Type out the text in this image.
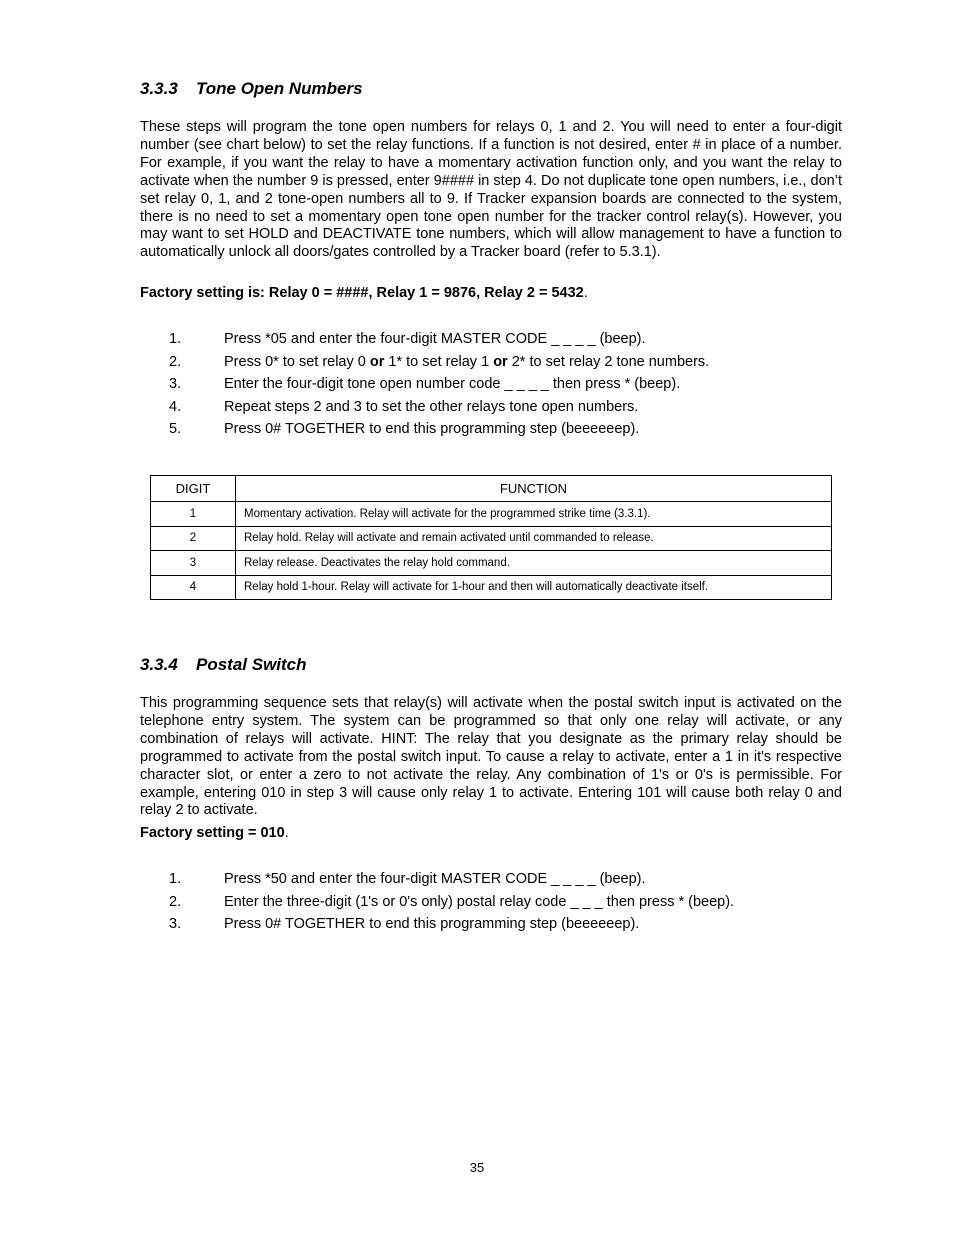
3.3.3 Tone Open Numbers

These steps will program the tone open numbers for relays 0, 1 and 2. You will need to enter a four-digit number (see chart below) to set the relay functions. If a function is not desired, enter # in place of a number. For example, if you want the relay to have a momentary activation function only, and you want the relay to activate when the number 9 is pressed, enter 9#### in step 4. Do not duplicate tone open numbers, i.e., don’t set relay 0, 1, and 2 tone-open numbers all to 9. If Tracker expansion boards are connected to the system, there is no need to set a momentary open tone open number for the tracker control relay(s). However, you may want to set HOLD and DEACTIVATE tone numbers, which will allow management to have a function to automatically unlock all doors/gates controlled by a Tracker board (refer to 5.3.1).

Factory setting is: Relay 0 = ####, Relay 1 = 9876, Relay 2 = 5432.

1.	Press *05 and enter the four-digit MASTER CODE _ _ _ _ (beep).
2.	Press 0* to set relay 0 or 1* to set relay 1 or 2* to set relay 2 tone numbers.
3.	Enter the four-digit tone open number code _ _ _ _ then press * (beep).
4.	Repeat steps 2 and 3 to set the other relays tone open numbers.
5.	Press 0# TOGETHER to end this programming step (beeeeeep).
3.3.4 Postal Switch

This programming sequence sets that relay(s) will activate when the postal switch input is activated on the telephone entry system. The system can be programmed so that only one relay will activate, or any combination of relays will activate. HINT: The relay that you designate as the primary relay should be programmed to activate from the postal switch input. To cause a relay to activate, enter a 1 in it's respective character slot, or enter a zero to not activate the relay. Any combination of 1's or 0's is permissible. For example, entering 010 in step 3 will cause only relay 1 to activate. Entering 101 will cause both relay 0 and relay 2 to activate.

Factory setting = 010.

1.	Press *50 and enter the four-digit MASTER CODE _ _ _ _ (beep).
2.	Enter the three-digit (1's or 0's only) postal relay code _ _ _ then press * (beep).
3.	Press 0# TOGETHER to end this programming step (beeeeeep).
DIGIT	FUNCTION
1	Momentary activation. Relay will activate for the programmed strike time (3.3.1).
2	Relay hold. Relay will activate and remain activated until commanded to release.
3	Relay release. Deactivates the relay hold command.
4	Relay hold 1-hour. Relay will activate for 1-hour and then will automatically deactivate itself.
35
